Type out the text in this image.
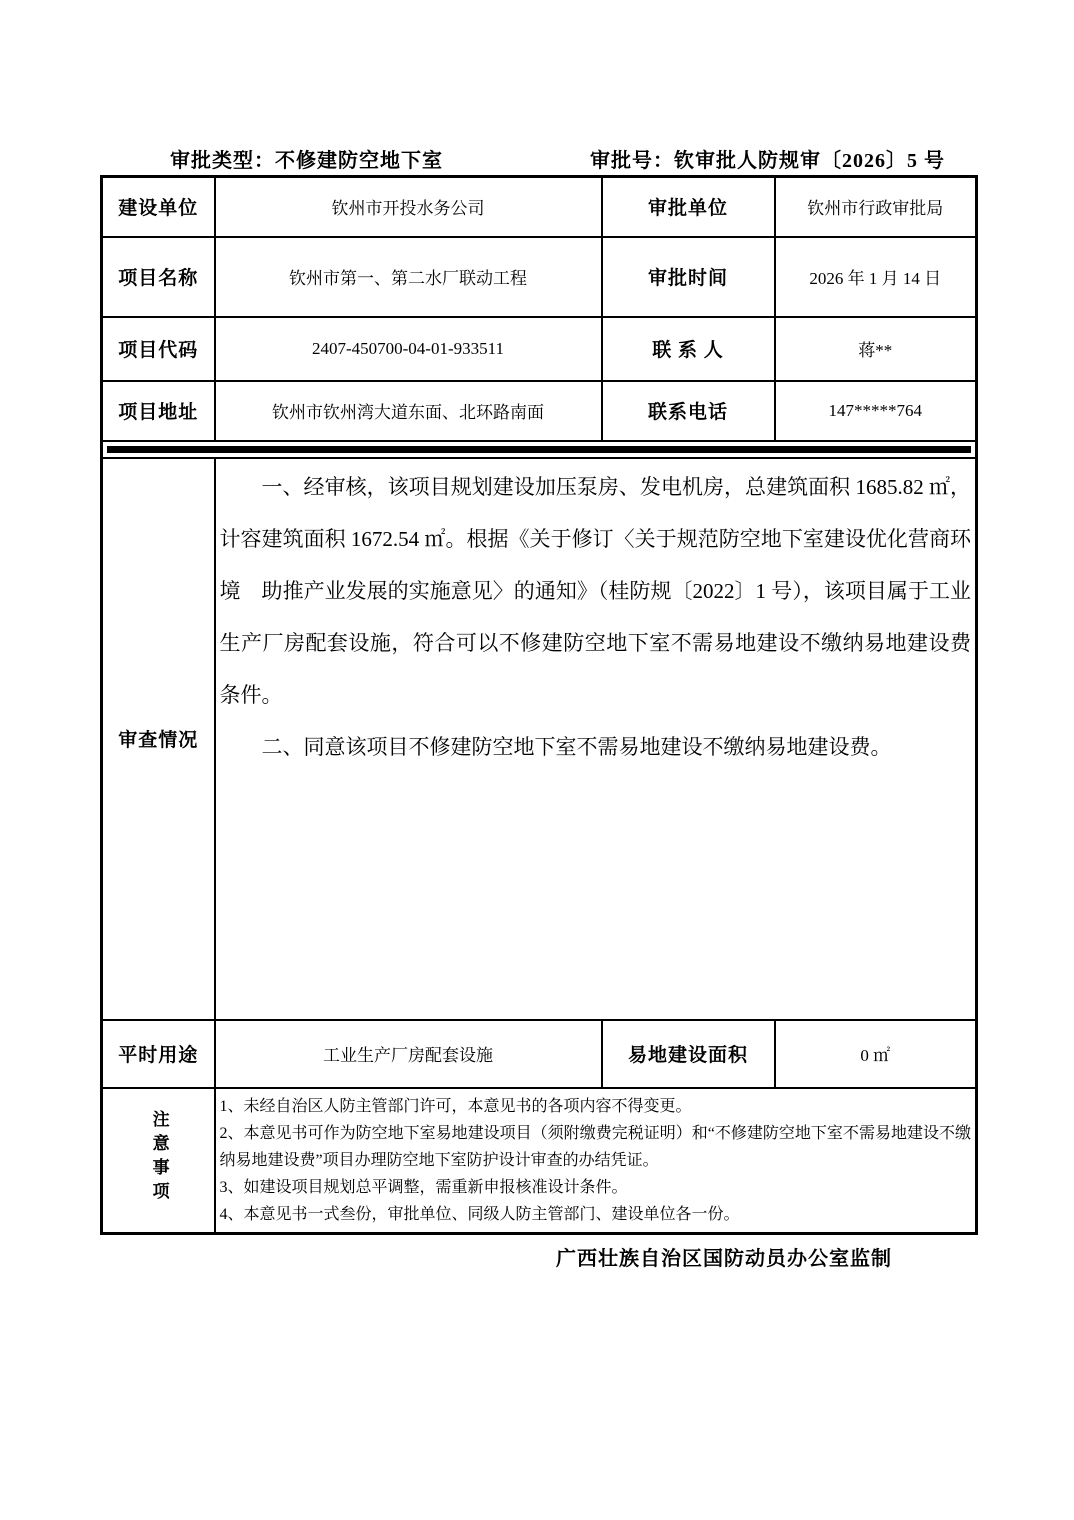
审批类型：不修建防空地下室	审批号：钦审批人防规审〔2026〕5 号
建设单位	钦州市开投水务公司	审批单位	钦州市行政审批局
项目名称	钦州市第一、第二水厂联动工程	审批时间	2026 年 1 月 14 日
项目代码	2407-450700-04-01-933511	联 系 人	蒋**
项目地址	钦州市钦州湾大道东面、北环路南面	联系电话	147*****764

审查情况	一、经审核，该项目规划建设加压泵房、发电机房，总建筑面积 1685.82 ㎡，计容建筑面积 1672.54 ㎡。根据《关于修订〈关于规范防空地下室建设优化营商环境　助推产业发展的实施意见〉的通知》（桂防规〔2022〕1 号），该项目属于工业生产厂房配套设施，符合可以不修建防空地下室不需易地建设不缴纳易地建设费条件。

二、同意该项目不修建防空地下室不需易地建设不缴纳易地建设费。		

平时用途	工业生产厂房配套设施	易地建设面积	0 ㎡
注意事项	1、未经自治区人防主管部门许可，本意见书的各项内容不得变更。

2、本意见书可作为防空地下室易地建设项目（须附缴费完税证明）和“不修建防空地下室不需易地建设不缴纳易地建设费”项目办理防空地下室防护设计审查的办结凭证。

3、如建设项目规划总平调整，需重新申报核准设计条件。

4、本意见书一式叁份，审批单位、同级人防主管部门、建设单位各一份。		

广西壮族自治区国防动员办公室监制
